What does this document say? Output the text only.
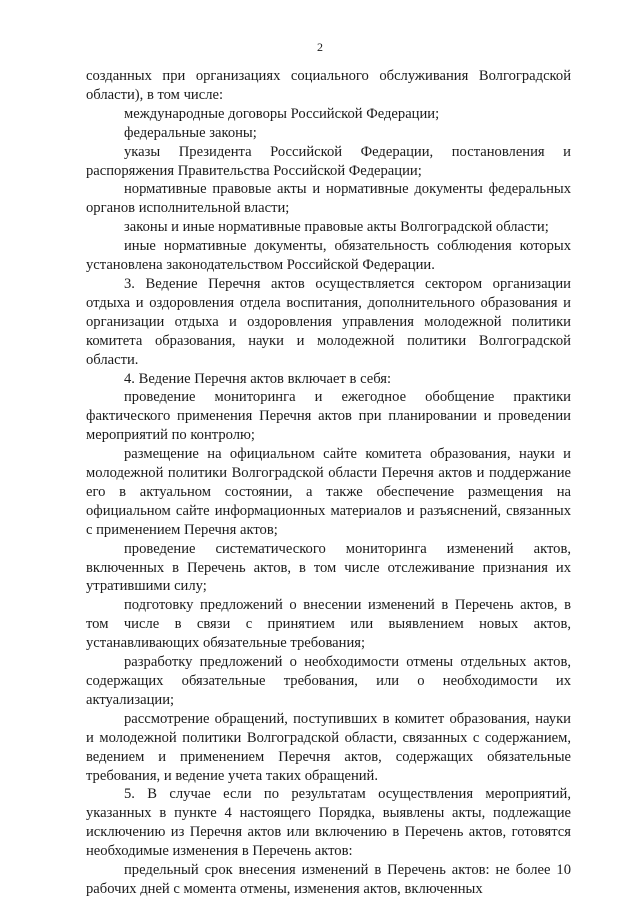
2

созданных при организациях социального обслуживания Волгоградской области), в том числе:

международные договоры Российской Федерации;

федеральные законы;

указы Президента Российской Федерации, постановления и распоряжения Правительства Российской Федерации;

нормативные правовые акты и нормативные документы федеральных органов исполнительной власти;

законы и иные нормативные правовые акты Волгоградской области;

иные нормативные документы, обязательность соблюдения которых установлена законодательством Российской Федерации.

3. Ведение Перечня актов осуществляется сектором организации отдыха и оздоровления отдела воспитания, дополнительного образования и организации отдыха и оздоровления управления молодежной политики комитета образования, науки и молодежной политики Волгоградской области.

4. Ведение Перечня актов включает в себя:

проведение мониторинга и ежегодное обобщение практики фактического применения Перечня актов при планировании и проведении мероприятий по контролю;

размещение на официальном сайте комитета образования, науки и молодежной политики Волгоградской области Перечня актов и поддержание его в актуальном состоянии, а также обеспечение размещения на официальном сайте информационных материалов и разъяснений, связанных с применением Перечня актов;

проведение систематического мониторинга изменений актов, включенных в Перечень актов, в том числе отслеживание признания их утратившими силу;

подготовку предложений о внесении изменений в Перечень актов, в том числе в связи с принятием или выявлением новых актов, устанавливающих обязательные требования;

разработку предложений о необходимости отмены отдельных актов, содержащих обязательные требования, или о необходимости их актуализации;

рассмотрение обращений, поступивших в комитет образования, науки и молодежной политики Волгоградской области, связанных с содержанием, ведением и применением Перечня актов, содержащих обязательные требования, и ведение учета таких обращений.

5. В случае если по результатам осуществления мероприятий, указанных в пункте 4 настоящего Порядка, выявлены акты, подлежащие исключению из Перечня актов или включению в Перечень актов, готовятся необходимые изменения в Перечень актов:

предельный срок внесения изменений в Перечень актов: не более 10 рабочих дней с момента отмены, изменения актов, включенных
